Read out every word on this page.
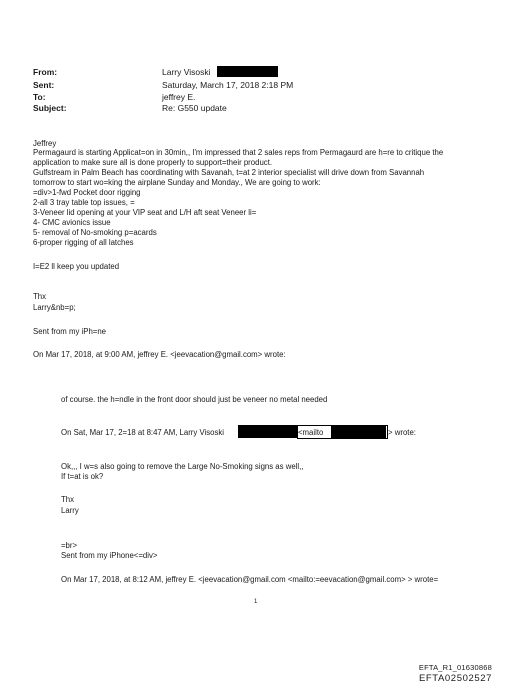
From:	Larry Visoski
Sent:	Saturday, March 17, 2018 2:18 PM
To:	jeffrey E.
Subject:	Re: G550 update
Jeffrey
Permagaurd is starting Applicat=on in 30min,, I'm impressed that 2 sales reps from Permagaurd are h=re to critique the
application to make sure all is done properly to support=their product.
Gulfstream in Palm Beach has coordinating with Savanah, t=at 2 interior specialist will drive down from Savannah
tomorrow to start wo=king the airplane Sunday and Monday., We are going to work:
=div>1-fwd Pocket door rigging
2-all 3 tray table top issues, =
3-Veneer lid opening at your VIP seat and L/H aft seat Veneer li=
4- CMC avionics issue
5- removal of No-smoking p=acards
6-proper rigging of all latches
I=E2 ll keep you updated
Thx
Larry&nb=p;
Sent from my iPh=ne
On Mar 17, 2018, at 9:00 AM, jeffrey E. <jeevacation@gmail.com> wrote:
of course. the h=ndle in the front door should just be veneer no metal needed
On Sat, Mar 17, 2=18 at 8:47 AM, Larry Visoski	<mailto	> wrote:
Ok,,, I w=s also going to remove the Large No-Smoking signs as well,,
If t=at is ok?
Thx
Larry
=br>
Sent from my iPhone<=div>
On Mar 17, 2018, at 8:12 AM, jeffrey E. <jeevacation@gmail.com <mailto:=eevacation@gmail.com> > wrote=
1
EFTA_R1_01630868
EFTA02502527
